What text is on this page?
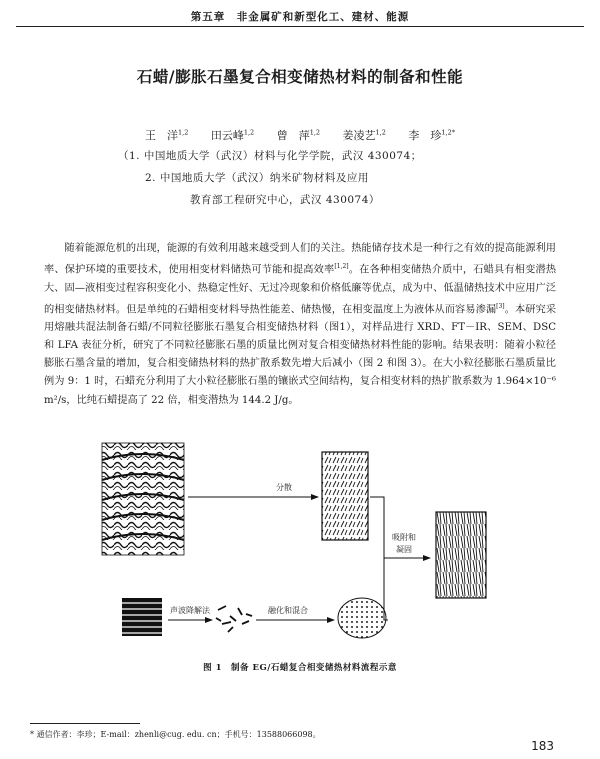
第五章　非金属矿和新型化工、建材、能源
石蜡/膨胀石墨复合相变储热材料的制备和性能
王　洋$^{1,2}$ 田云峰$^{1,2}$ 曾　萍$^{1,2}$ 姜凌艺$^{1,2}$ 李　珍$^{1,2*}$
（1. 中国地质大学（武汉）材料与化学学院，武汉 430074；
2. 中国地质大学（武汉）纳米矿物材料及应用
教育部工程研究中心，武汉 430074）

随着能源危机的出现，能源的有效利用越来越受到人们的关注。热能储存技术是一种行之有效的提高能源利用率、保护环境的重要技术，使用相变材料储热可节能和提高效率[1,2]。在各种相变储热介质中，石蜡具有相变潜热大、固—液相变过程容积变化小、热稳定性好、无过冷现象和价格低廉等优点，成为中、低温储热技术中应用广泛的相变储热材料。但是单纯的石蜡相变材料导热性能差、储热慢，在相变温度上为液体从而容易渗漏[3]。本研究采用熔融共混法制备石蜡/不同粒径膨胀石墨复合相变储热材料（图1），对样品进行 XRD、FT－IR、SEM、DSC 和 LFA 表征分析，研究了不同粒径膨胀石墨的质量比例对复合相变储热材料性能的影响。结果表明：随着小粒径膨胀石墨含量的增加，复合相变储热材料的热扩散系数先增大后减小（图 2 和图 3）。在大小粒径膨胀石墨质量比例为 9：1 时，石蜡充分利用了大小粒径膨胀石墨的镶嵌式空间结构，复合相变材料的热扩散系数为 1.964×10⁻⁶ m²/s，比纯石蜡提高了 22 倍，相变潜热为 144.2 J/g。

分散
声波降解法	融化和混合
吸附和
凝固
图 1　制备 EG/石蜡复合相变储热材料流程示意
* 通信作者：李珍；E-mail：zhenli@cug. edu. cn；手机号：13588066098。
183
